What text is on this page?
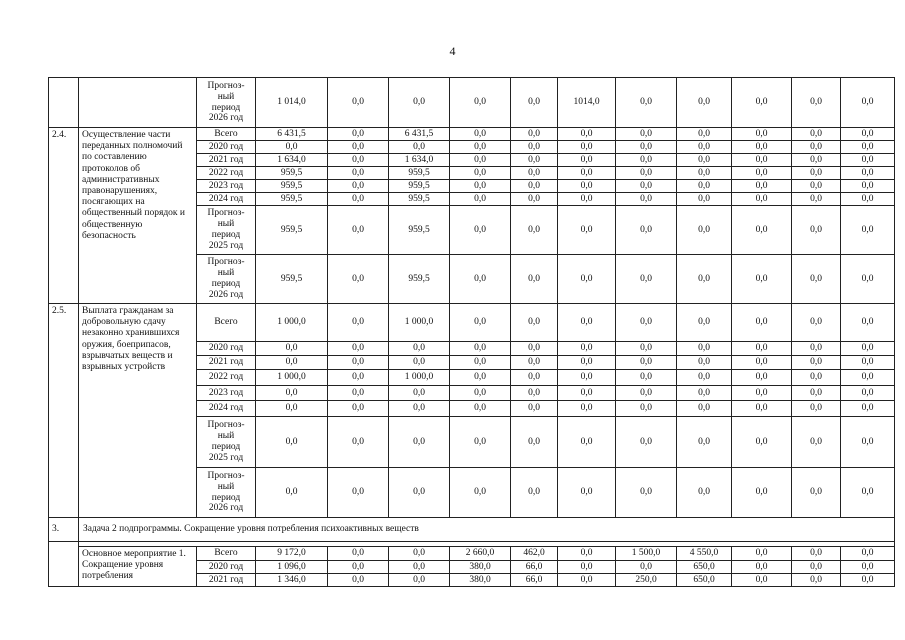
4
		Прогноз-
ный
период
2026 год	1 014,0	0,0	0,0	0,0	0,0	1014,0	0,0	0,0	0,0	0,0	0,0
2.4.	Осуществление части переданных полномочий по составлению протоколов об административных правонарушениях, посягающих на общественный порядок и общественную безопасность	Всего	6 431,5	0,0	6 431,5	0,0	0,0	0,0	0,0	0,0	0,0	0,0	0,0
		2020 год	0,0	0,0	0,0	0,0	0,0	0,0	0,0	0,0	0,0	0,0	0,0
		2021 год	1 634,0	0,0	1 634,0	0,0	0,0	0,0	0,0	0,0	0,0	0,0	0,0
		2022 год	959,5	0,0	959,5	0,0	0,0	0,0	0,0	0,0	0,0	0,0	0,0
		2023 год	959,5	0,0	959,5	0,0	0,0	0,0	0,0	0,0	0,0	0,0	0,0
		2024 год	959,5	0,0	959,5	0,0	0,0	0,0	0,0	0,0	0,0	0,0	0,0
		Прогноз-
ный
период
2025 год	959,5	0,0	959,5	0,0	0,0	0,0	0,0	0,0	0,0	0,0	0,0
		Прогноз-
ный
период
2026 год	959,5	0,0	959,5	0,0	0,0	0,0	0,0	0,0	0,0	0,0	0,0
2.5.	Выплата гражданам за добровольную сдачу незаконно хранившихся оружия, боеприпасов, взрывчатых веществ и взрывных устройств	Всего	1 000,0	0,0	1 000,0	0,0	0,0	0,0	0,0	0,0	0,0	0,0	0,0
		2020 год	0,0	0,0	0,0	0,0	0,0	0,0	0,0	0,0	0,0	0,0	0,0
		2021 год	0,0	0,0	0,0	0,0	0,0	0,0	0,0	0,0	0,0	0,0	0,0
		2022 год	1 000,0	0,0	1 000,0	0,0	0,0	0,0	0,0	0,0	0,0	0,0	0,0
		2023 год	0,0	0,0	0,0	0,0	0,0	0,0	0,0	0,0	0,0	0,0	0,0
		2024 год	0,0	0,0	0,0	0,0	0,0	0,0	0,0	0,0	0,0	0,0	0,0
		Прогноз-
ный
период
2025 год	0,0	0,0	0,0	0,0	0,0	0,0	0,0	0,0	0,0	0,0	0,0
		Прогноз-
ный
период
2026 год	0,0	0,0	0,0	0,0	0,0	0,0	0,0	0,0	0,0	0,0	0,0
3.	Задача 2 подпрограммы. Сокращение уровня потребления психоактивных веществ												

	Основное мероприятие 1. Сокращение уровня потребления	Всего	9 172,0	0,0	0,0	2 660,0	462,0	0,0	1 500,0	4 550,0	0,0	0,0	0,0
		2020 год	1 096,0	0,0	0,0	380,0	66,0	0,0	0,0	650,0	0,0	0,0	0,0
		2021 год	1 346,0	0,0	0,0	380,0	66,0	0,0	250,0	650,0	0,0	0,0	0,0
